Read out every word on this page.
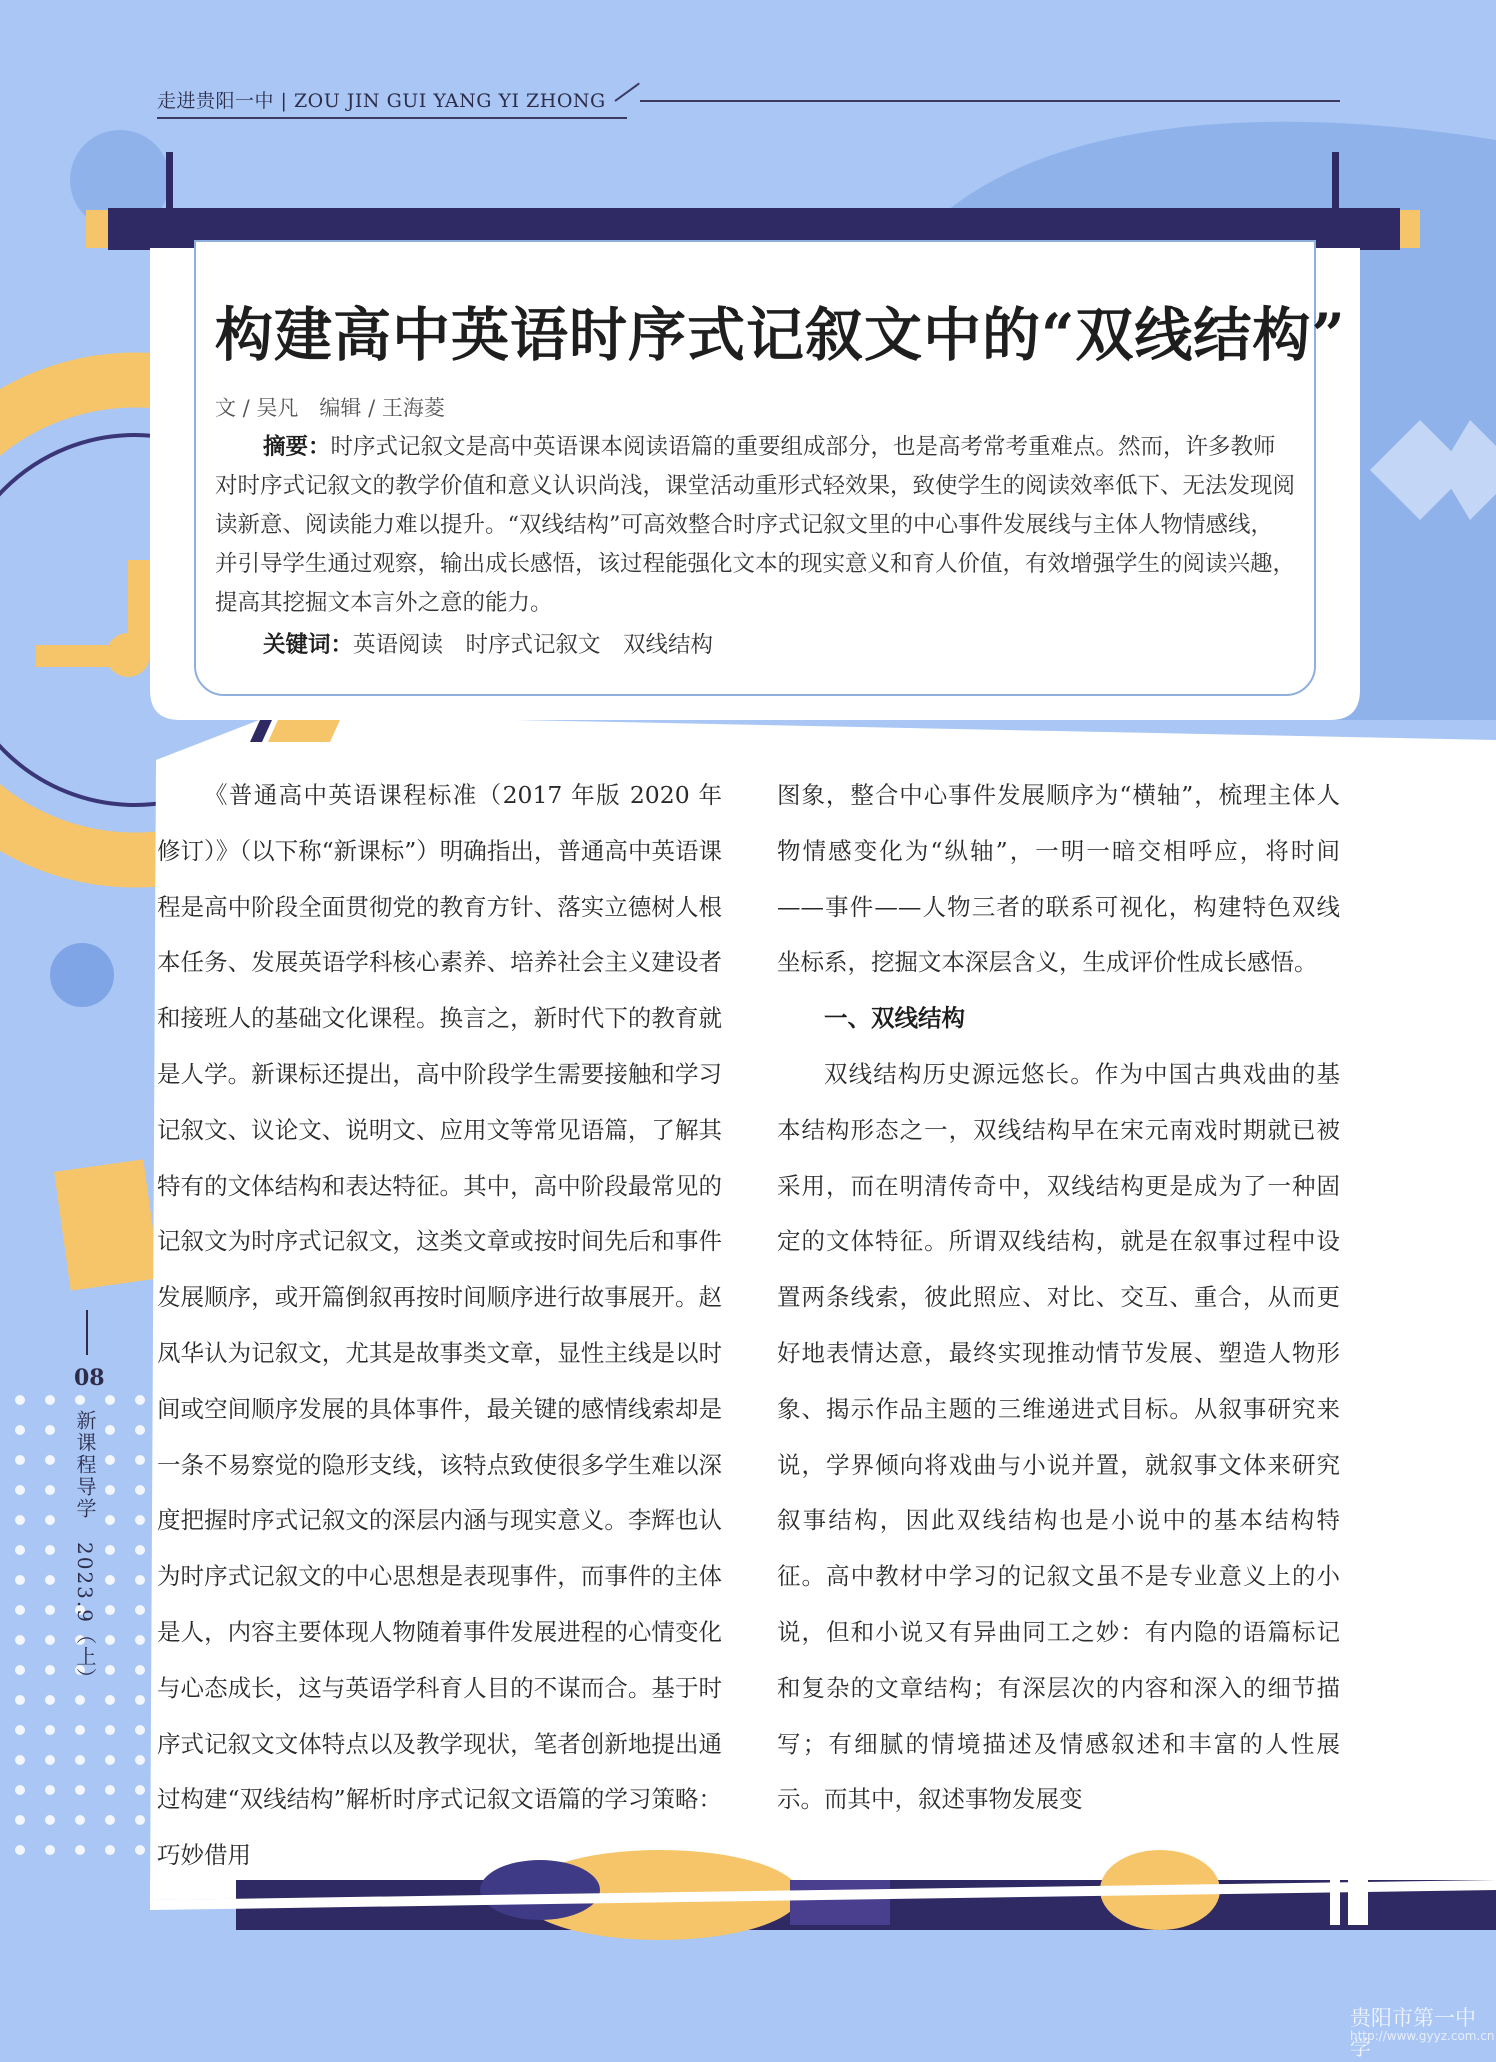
走进贵阳一中 | ZOU JIN GUI YANG YI ZHONG
构建高中英语时序式记叙文中的“双线结构”
文 / 吴凡　编辑 / 王海菱
摘要：时序式记叙文是高中英语课本阅读语篇的重要组成部分，也是高考常考重难点。然而，许多教师对时序式记叙文的教学价值和意义认识尚浅，课堂活动重形式轻效果，致使学生的阅读效率低下、无法发现阅读新意、阅读能力难以提升。“双线结构”可高效整合时序式记叙文里的中心事件发展线与主体人物情感线，并引导学生通过观察，输出成长感悟，该过程能强化文本的现实意义和育人价值，有效增强学生的阅读兴趣，提高其挖掘文本言外之意的能力。
关键词：英语阅读　时序式记叙文　双线结构

《普通高中英语课程标准（2017 年版 2020 年修订）》（以下称“新课标”）明确指出，普通高中英语课程是高中阶段全面贯彻党的教育方针、落实立德树人根本任务、发展英语学科核心素养、培养社会主义建设者和接班人的基础文化课程。换言之，新时代下的教育就是人学。新课标还提出，高中阶段学生需要接触和学习记叙文、议论文、说明文、应用文等常见语篇，了解其特有的文体结构和表达特征。其中，高中阶段最常见的记叙文为时序式记叙文，这类文章或按时间先后和事件发展顺序，或开篇倒叙再按时间顺序进行故事展开。赵凤华认为记叙文，尤其是故事类文章，显性主线是以时间或空间顺序发展的具体事件，最关键的感情线索却是一条不易察觉的隐形支线，该特点致使很多学生难以深度把握时序式记叙文的深层内涵与现实意义。李辉也认为时序式记叙文的中心思想是表现事件，而事件的主体是人，内容主要体现人物随着事件发展进程的心情变化与心态成长，这与英语学科育人目的不谋而合。基于时序式记叙文文体特点以及教学现状，笔者创新地提出通过构建“双线结构”解析时序式记叙文语篇的学习策略：巧妙借用

图象，整合中心事件发展顺序为“横轴”，梳理主体人物情感变化为“纵轴”，一明一暗交相呼应，将时间——事件——人物三者的联系可视化，构建特色双线坐标系，挖掘文本深层含义，生成评价性成长感悟。

一、双线结构

双线结构历史源远悠长。作为中国古典戏曲的基本结构形态之一，双线结构早在宋元南戏时期就已被采用，而在明清传奇中，双线结构更是成为了一种固定的文体特征。所谓双线结构，就是在叙事过程中设置两条线索，彼此照应、对比、交互、重合，从而更好地表情达意，最终实现推动情节发展、塑造人物形象、揭示作品主题的三维递进式目标。从叙事研究来说，学界倾向将戏曲与小说并置，就叙事文体来研究叙事结构，因此双线结构也是小说中的基本结构特征。高中教材中学习的记叙文虽不是专业意义上的小说，但和小说又有异曲同工之妙：有内隐的语篇标记和复杂的文章结构；有深层次的内容和深入的细节描写；有细腻的情境描述及情感叙述和丰富的人性展示。而其中，叙述事物发展变

08
新课程导学　2023.9（上）
贵阳市第一中学
http://www.gyyz.com.cn
